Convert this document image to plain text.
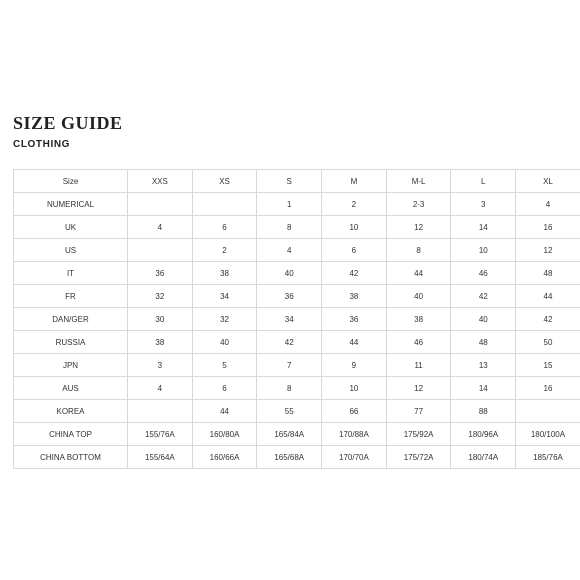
SIZE GUIDE
CLOTHING
Size	XXS	XS	S	M	M-L	L	XL
NUMERICAL			1	2	2-3	3	4
UK	4	6	8	10	12	14	16
US		2	4	6	8	10	12
IT	36	38	40	42	44	46	48
FR	32	34	36	38	40	42	44
DAN/GER	30	32	34	36	38	40	42
RUSSIA	38	40	42	44	46	48	50
JPN	3	5	7	9	11	13	15
AUS	4	6	8	10	12	14	16
KOREA		44	55	66	77	88	
CHINA TOP	155/76A	160/80A	165/84A	170/88A	175/92A	180/96A	180/100A
CHINA BOTTOM	155/64A	160/66A	165/68A	170/70A	175/72A	180/74A	185/76A
